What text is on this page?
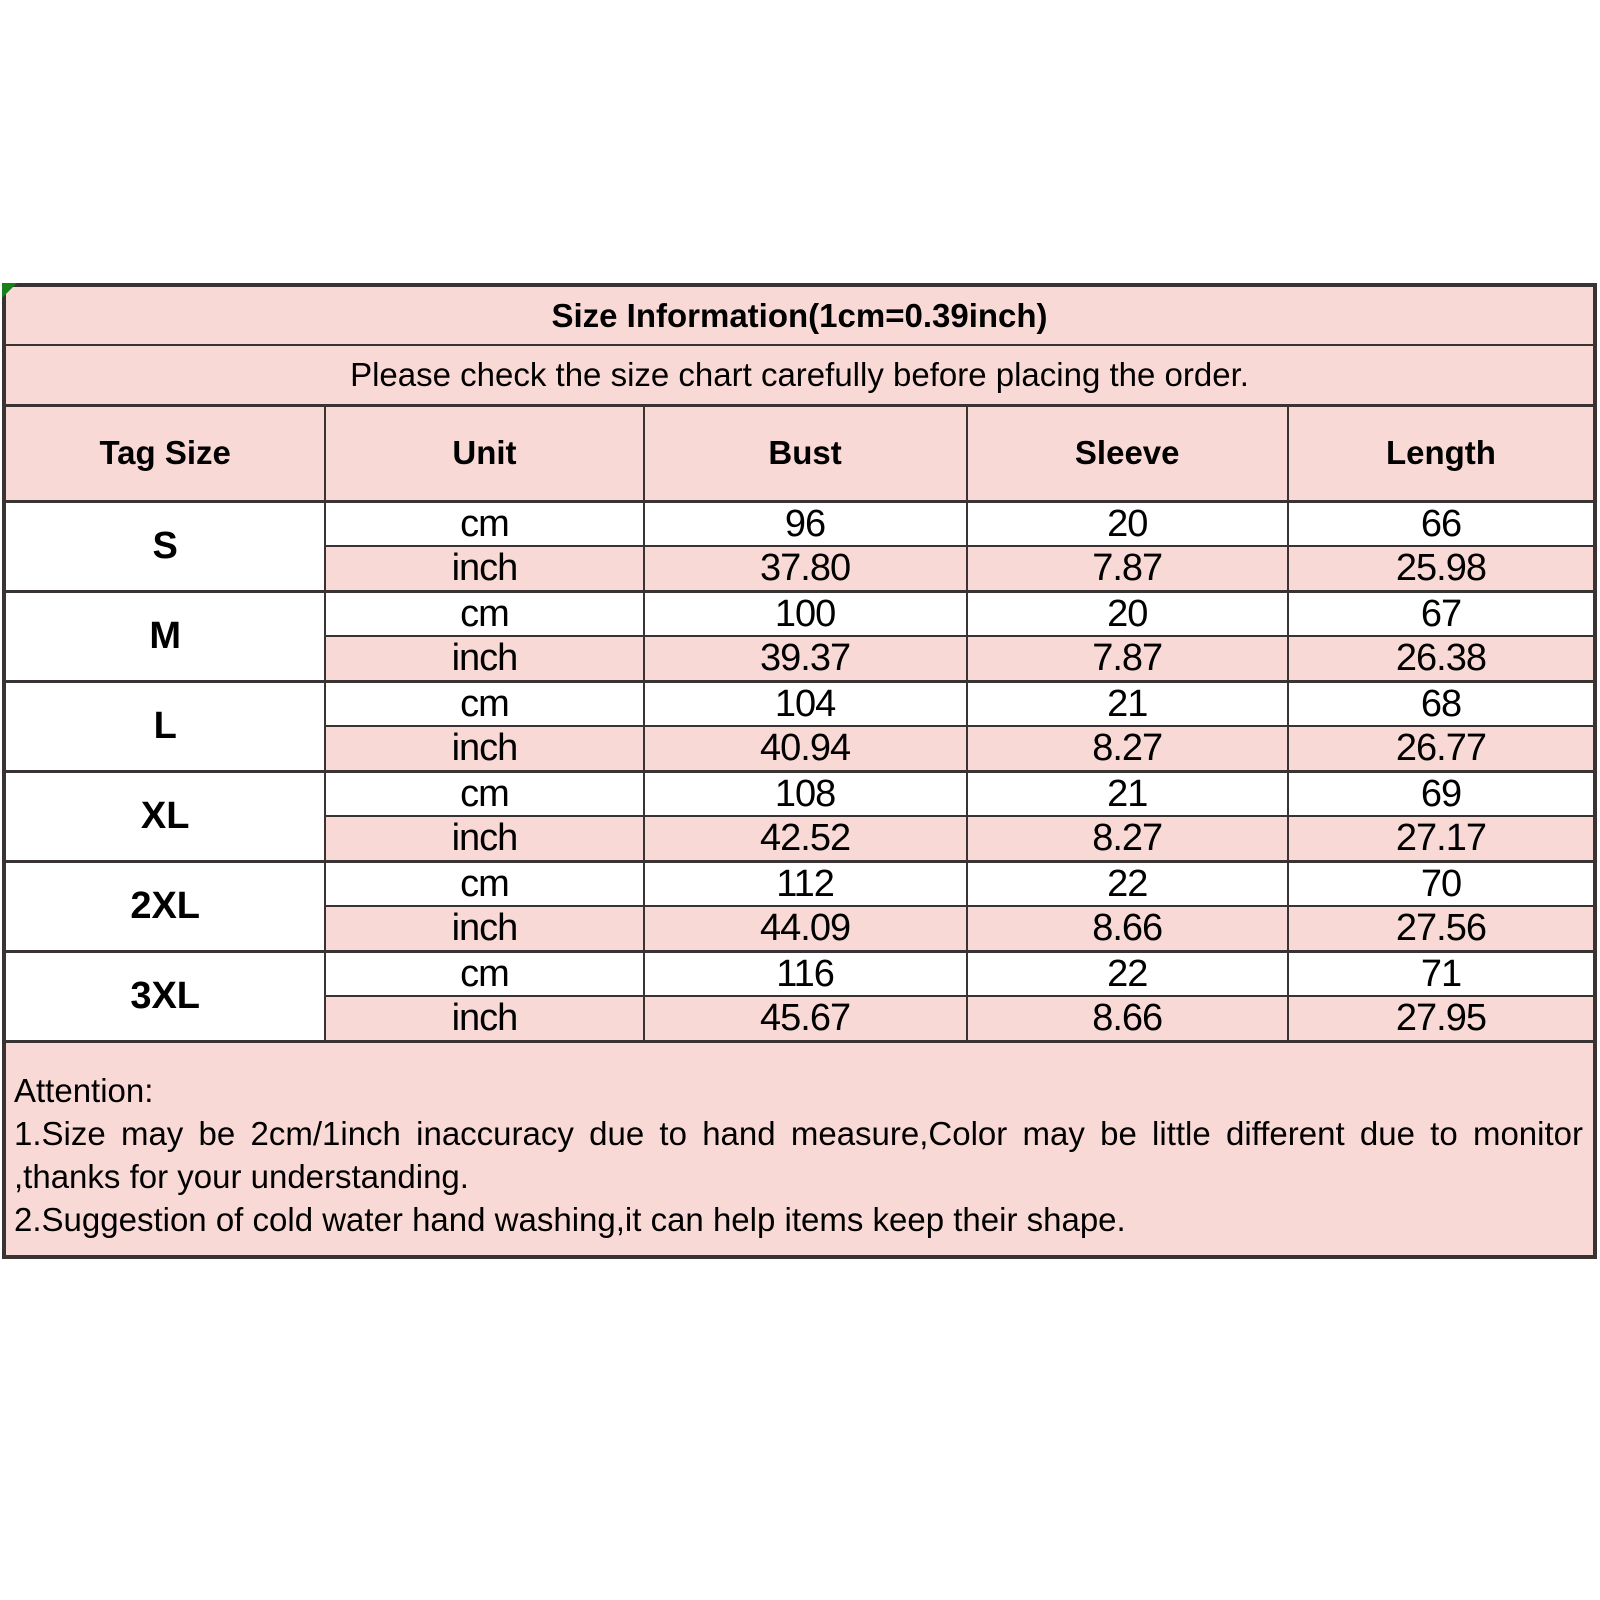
Size Information(1cm=0.39inch)				
Please check the size chart carefully before placing the order.				
Tag Size	Unit	Bust	Sleeve	Length
S	cm	96	20	66
	inch	37.80	7.87	25.98
M	cm	100	20	67
	inch	39.37	7.87	26.38
L	cm	104	21	68
	inch	40.94	8.27	26.77
XL	cm	108	21	69
	inch	42.52	8.27	27.17
2XL	cm	112	22	70
	inch	44.09	8.66	27.56
3XL	cm	116	22	71
	inch	45.67	8.66	27.95

Attention:

1.Size may be 2cm/1inch inaccuracy due to hand measure,Color may be little different due to monitor ,thanks for your understanding.

2.Suggestion of cold water hand washing,it can help items keep their shape.				
